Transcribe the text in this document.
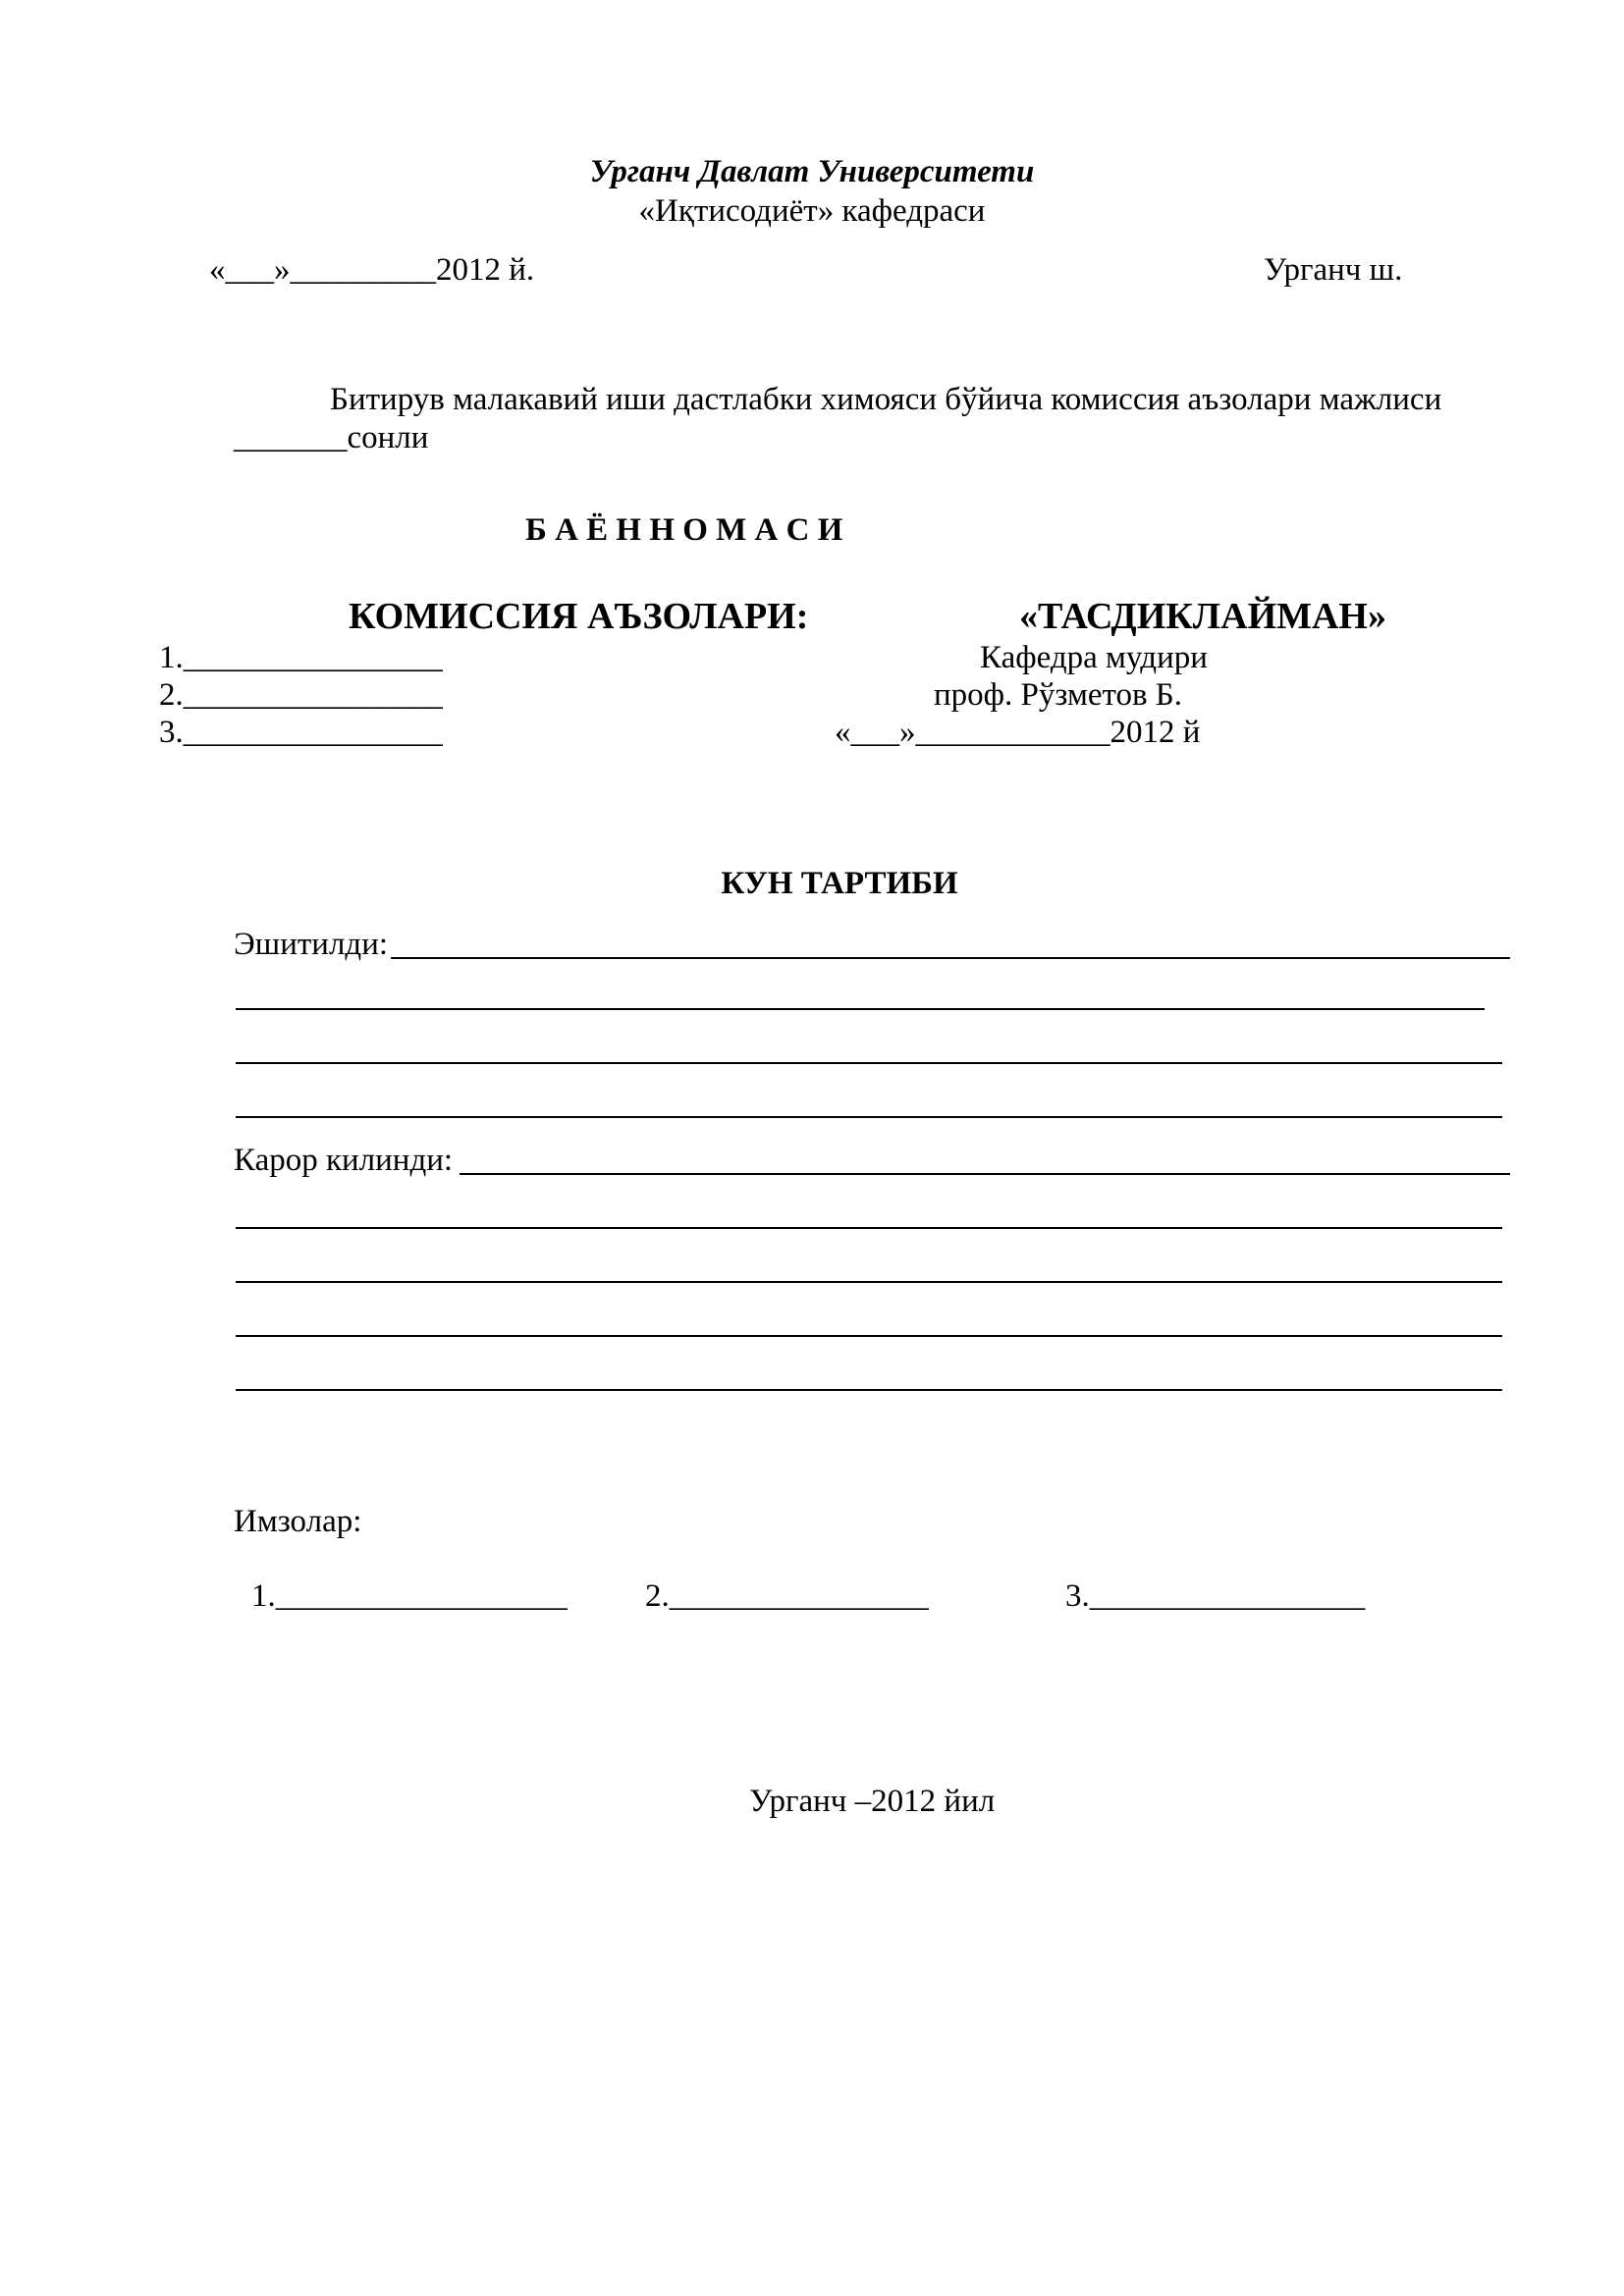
Урганч Давлат Университети
«Иқтисодиёт» кафедраси
«___»_________2012 й.	Урганч ш.
Битирув малакавий иши дастлабки химояси бўйича комиссия аъзолари мажлиси
_______сонли
Б А Ё Н Н О М А С И
КОМИССИЯ АЪЗОЛАРИ:
1.________________
2.________________
3.________________
«ТАСДИКЛАЙМАН»
Кафедра мудири
проф. Рўзметов Б.
«___»____________2012 й
КУН ТАРТИБИ
Эшитилди:
Карор килинди:
Имзолар:
1.__________________ 2.________________	3._________________
Урганч –2012 йил
